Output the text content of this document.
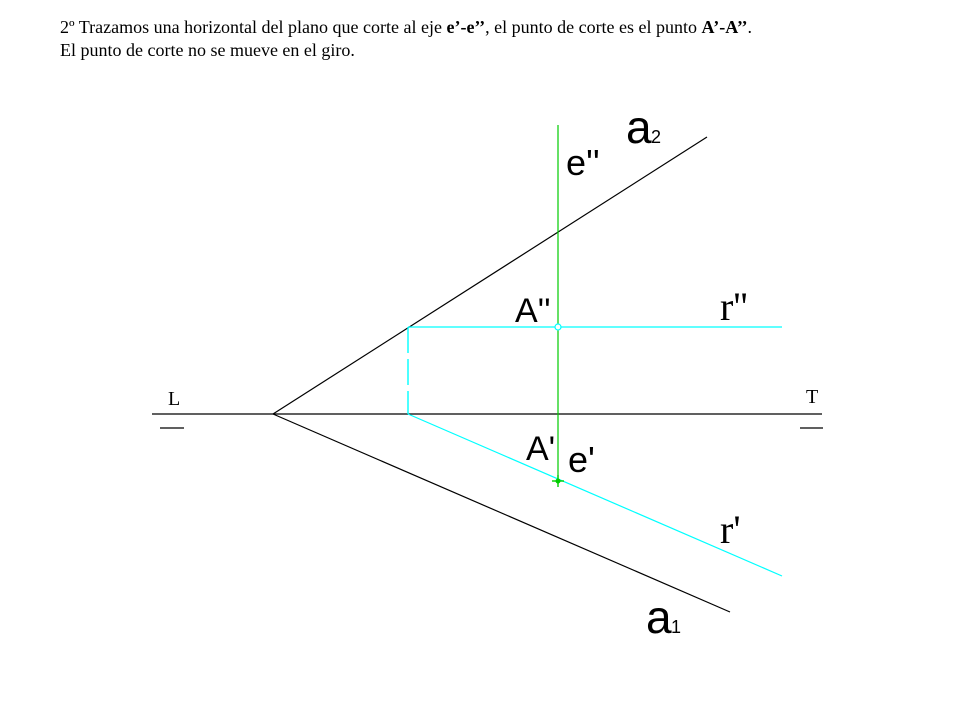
2º Trazamos una horizontal del plano que corte al eje e’-e’’, el punto de corte es el punto A’-A’’.
El punto de corte no se mueve en el giro.
a 2
a 1
e''
e'
A''
A'
r''
r'
L	T
